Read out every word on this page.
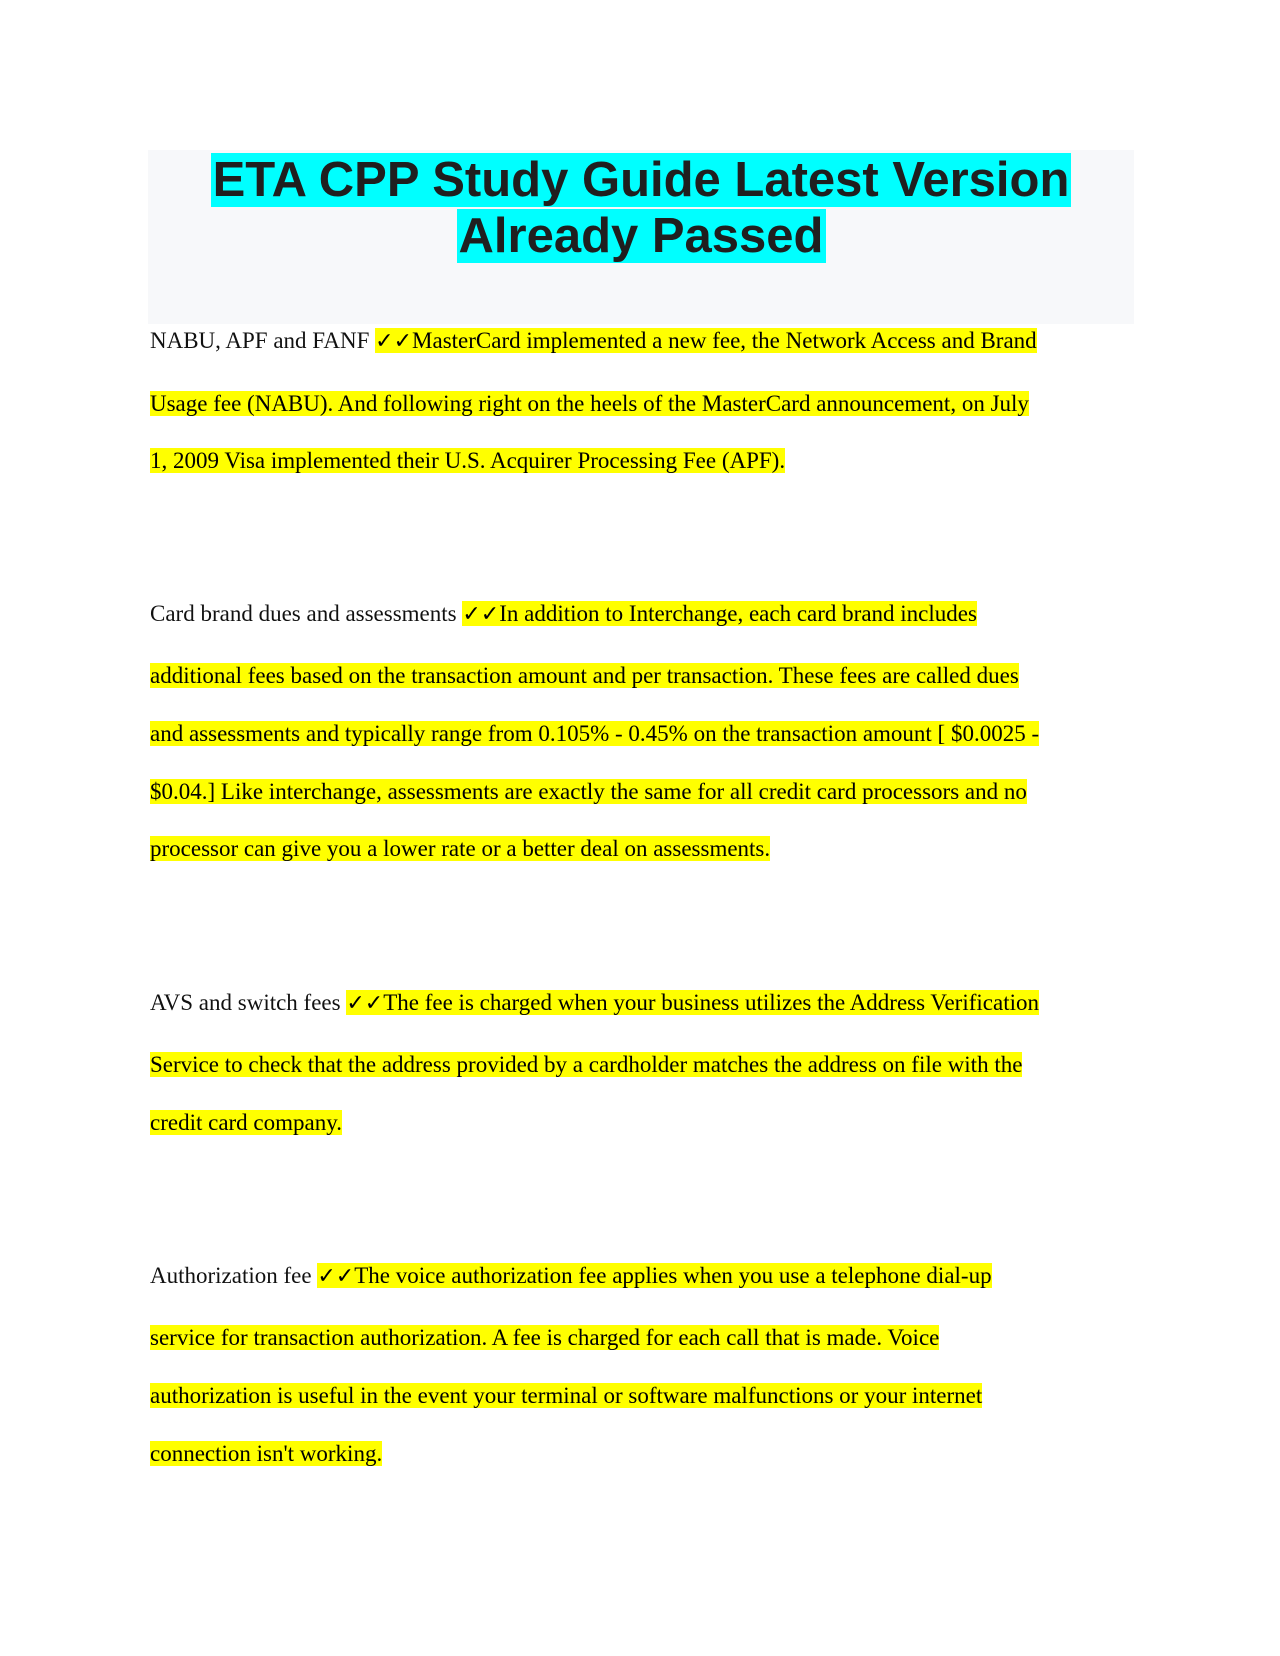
ETA CPP Study Guide Latest Version
Already Passed
NABU, APF and FANF ✓✓MasterCard implemented a new fee, the Network Access and Brand
Usage fee (NABU). And following right on the heels of the MasterCard announcement, on July
1, 2009 Visa implemented their U.S. Acquirer Processing Fee (APF).
Card brand dues and assessments ✓✓In addition to Interchange, each card brand includes
additional fees based on the transaction amount and per transaction. These fees are called dues
and assessments and typically range from 0.105% - 0.45% on the transaction amount [ $0.0025 -
$0.04.] Like interchange, assessments are exactly the same for all credit card processors and no
processor can give you a lower rate or a better deal on assessments.
AVS and switch fees ✓✓The fee is charged when your business utilizes the Address Verification
Service to check that the address provided by a cardholder matches the address on file with the
credit card company.
Authorization fee ✓✓The voice authorization fee applies when you use a telephone dial-up
service for transaction authorization. A fee is charged for each call that is made. Voice
authorization is useful in the event your terminal or software malfunctions or your internet
connection isn't working.
